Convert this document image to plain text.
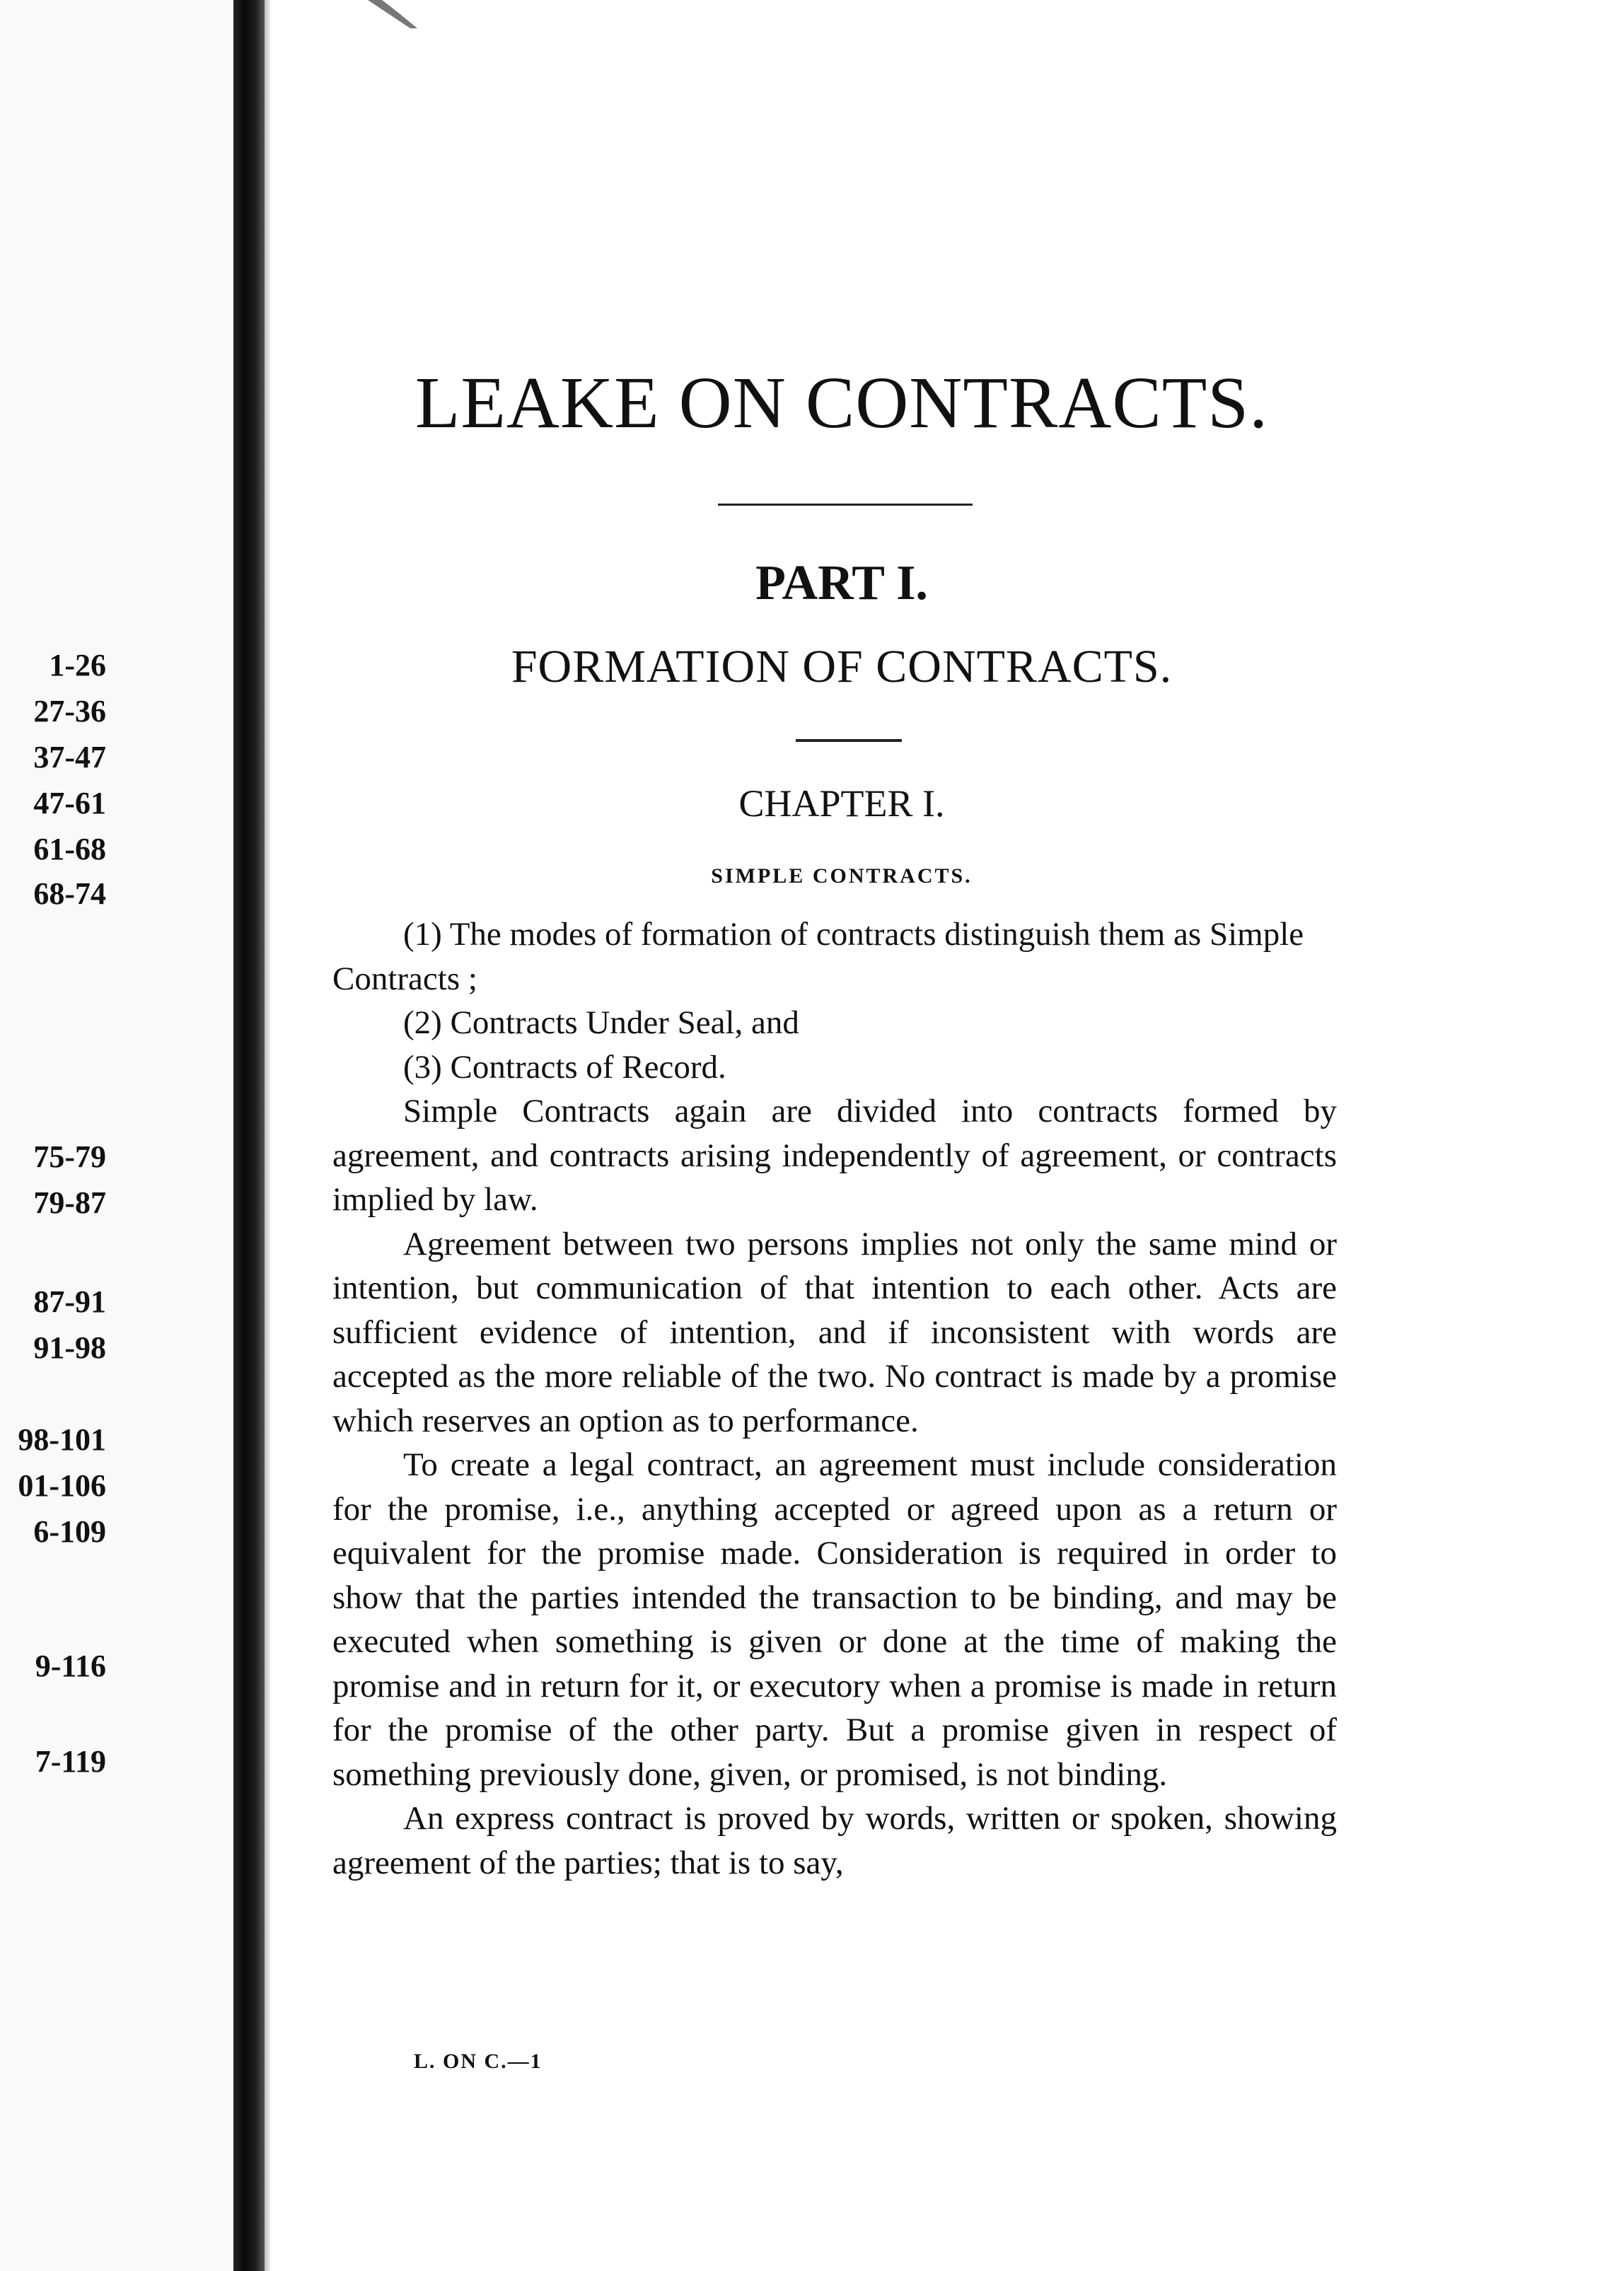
1-26
27-36
37-47
47-61
61-68
68-74
75-79
79-87
87-91
91-98
98-101
01-106
6-109
9-116
7-119
LEAKE ON CONTRACTS.
PART I.
FORMATION OF CONTRACTS.
CHAPTER I.
SIMPLE CONTRACTS.

(1) The modes of formation of contracts distinguish them as Simple Contracts ;

(2) Contracts Under Seal, and

(3) Contracts of Record.

Simple Contracts again are divided into contracts formed by agreement, and contracts arising independently of agreement, or contracts implied by law.

Agreement between two persons implies not only the same mind or intention, but communication of that intention to each other. Acts are sufficient evidence of intention, and if inconsistent with words are accepted as the more reliable of the two. No contract is made by a promise which reserves an option as to performance.

To create a legal contract, an agreement must include consideration for the promise, i.e., anything accepted or agreed upon as a return or equivalent for the promise made. Consideration is required in order to show that the parties intended the transaction to be binding, and may be executed when something is given or done at the time of making the promise and in return for it, or executory when a promise is made in return for the promise of the other party. But a promise given in respect of something previously done, given, or promised, is not binding.

An express contract is proved by words, written or spoken, showing agreement of the parties; that is to say,

L. ON C.—1
